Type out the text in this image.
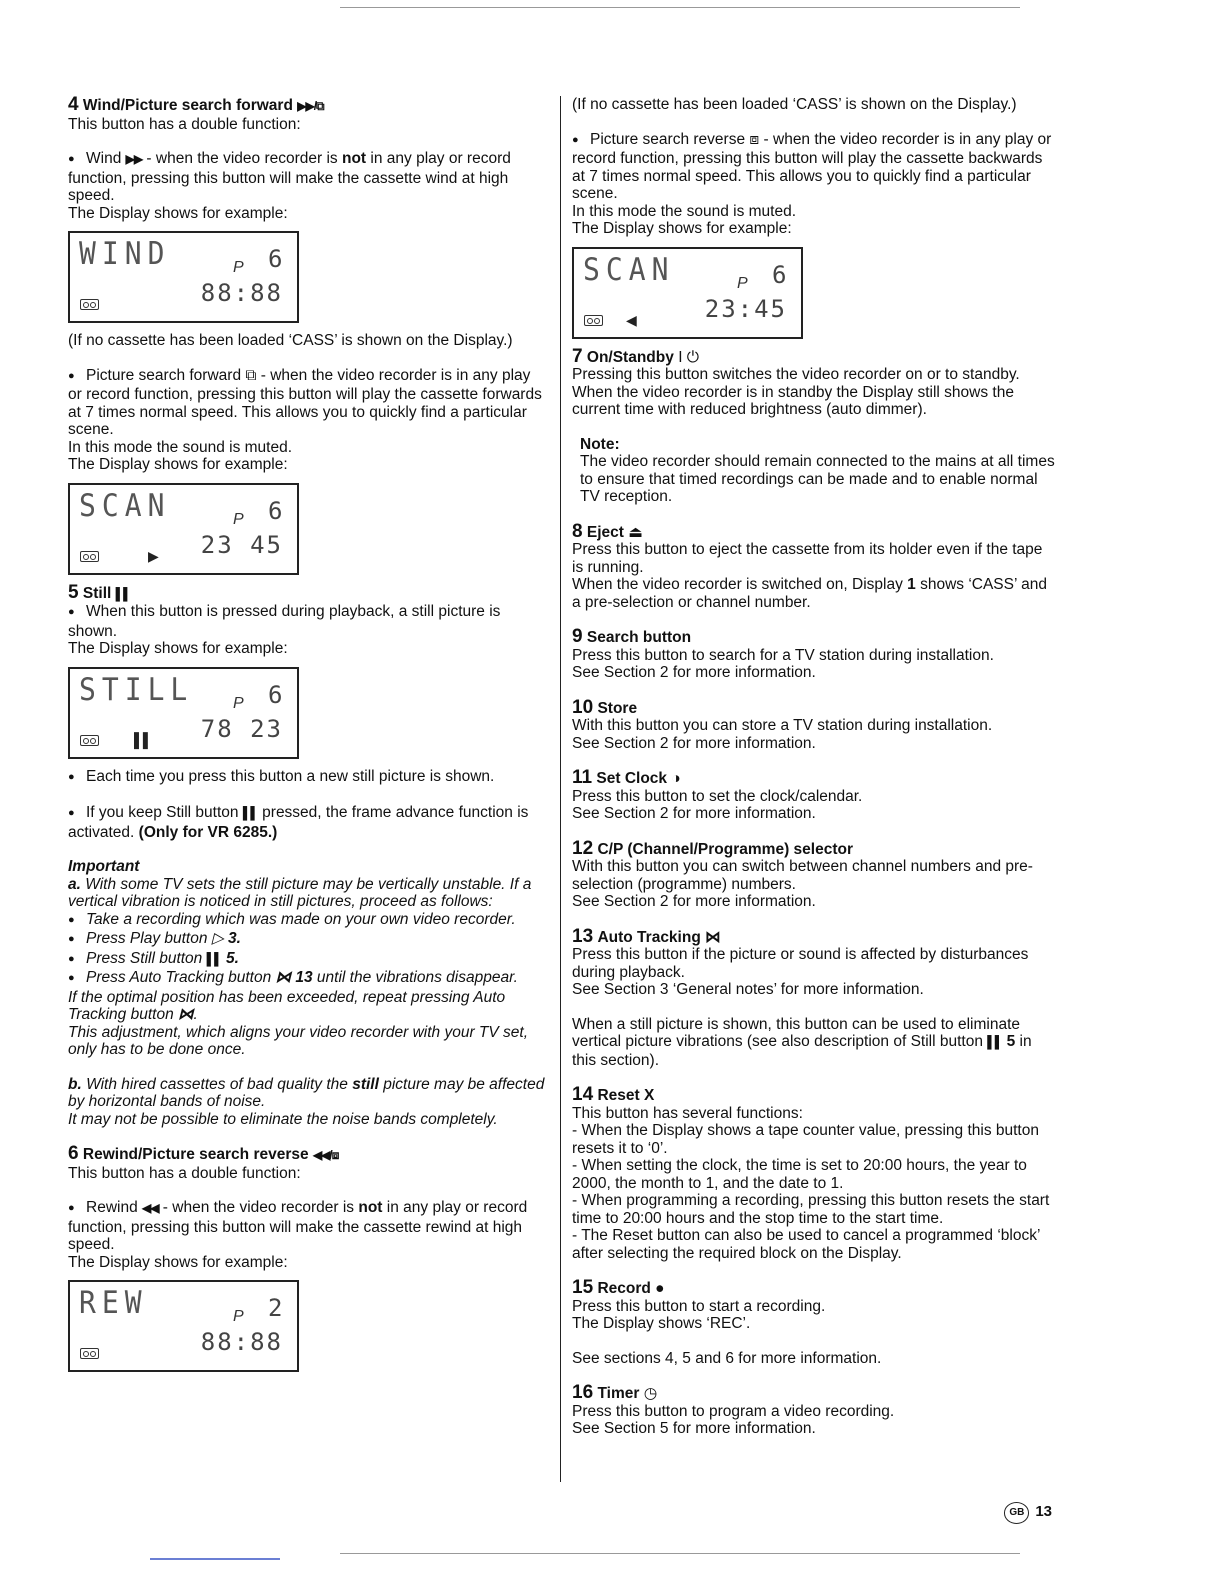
4 Wind/Picture search forward ▶▶/⧉

This button has a double function:

●Wind ▶▶ - when the video recorder is not in any play or record function, pressing this button will make the cassette wind at high speed.

The Display shows for example:

WIND	P 6
88:88

(If no cassette has been loaded ‘CASS’ is shown on the Display.)

●Picture search forward ⧉ - when the video recorder is in any play or record function, pressing this button will play the cassette forwards at 7 times normal speed. This allows you to quickly find a particular scene.

In this mode the sound is muted.

The Display shows for example:

SCAN	P 6
▶ 23 45

5 Still ▌▌

●When this button is pressed during playback, a still picture is shown.

The Display shows for example:

STILL P 6
▌▌ 78 23

●Each time you press this button a new still picture is shown.

●If you keep Still button ▌▌ pressed, the frame advance function is activated. (Only for VR 6285.)

Important

a. With some TV sets the still picture may be vertically unstable. If a vertical vibration is noticed in still pictures, proceed as follows:

●Take a recording which was made on your own video recorder.

●Press Play button ▷ 3.

●Press Still button ▌▌ 5.

●Press Auto Tracking button ⋈ 13 until the vibrations disappear.

If the optimal position has been exceeded, repeat pressing Auto Tracking button ⋈.

This adjustment, which aligns your video recorder with your TV set, only has to be done once.

b. With hired cassettes of bad quality the still picture may be affected by horizontal bands of noise.

It may not be possible to eliminate the noise bands completely.

6 Rewind/Picture search reverse ◀◀/⧈

This button has a double function:

●Rewind ◀◀ - when the video recorder is not in any play or record function, pressing this button will make the cassette rewind at high speed.

The Display shows for example:

REW	P 2
88:88

(If no cassette has been loaded ‘CASS’ is shown on the Display.)

●Picture search reverse ⧈ - when the video recorder is in any play or record function, pressing this button will play the cassette backwards at 7 times normal speed. This allows you to quickly find a particular scene.

In this mode the sound is muted.

The Display shows for example:

SCAN	P 6
◀	23:45

7 On/Standby I ⏻

Pressing this button switches the video recorder on or to standby.

When the video recorder is in standby the Display still shows the current time with reduced brightness (auto dimmer).

Note:

The video recorder should remain connected to the mains at all times to ensure that timed recordings can be made and to enable normal TV reception.

8 Eject ⏏

Press this button to eject the cassette from its holder even if the tape is running.

When the video recorder is switched on, Display 1 shows ‘CASS’ and a pre-selection or channel number.

9 Search button

Press this button to search for a TV station during installation.

See Section 2 for more information.

10 Store

With this button you can store a TV station during installation.

See Section 2 for more information.

11 Set Clock ◑

Press this button to set the clock/calendar.

See Section 2 for more information.

12 C/P (Channel/Programme) selector

With this button you can switch between channel numbers and pre-selection (programme) numbers.

See Section 2 for more information.

13 Auto Tracking ⋈

Press this button if the picture or sound is affected by disturbances during playback.

See Section 3 ‘General notes’ for more information.

When a still picture is shown, this button can be used to eliminate vertical picture vibrations (see also description of Still button ▌▌ 5 in this section).

14 Reset X

This button has several functions:

- When the Display shows a tape counter value, pressing this button resets it to ‘0’.

- When setting the clock, the time is set to 20:00 hours, the year to 2000, the month to 1, and the date to 1.

- When programming a recording, pressing this button resets the start time to 20:00 hours and the stop time to the start time.

- The Reset button can also be used to cancel a programmed ‘block’ after selecting the required block on the Display.

15 Record ●

Press this button to start a recording.

The Display shows ‘REC’.

See sections 4, 5 and 6 for more information.

16 Timer ◷

Press this button to program a video recording.

See Section 5 for more information.

GB 13
